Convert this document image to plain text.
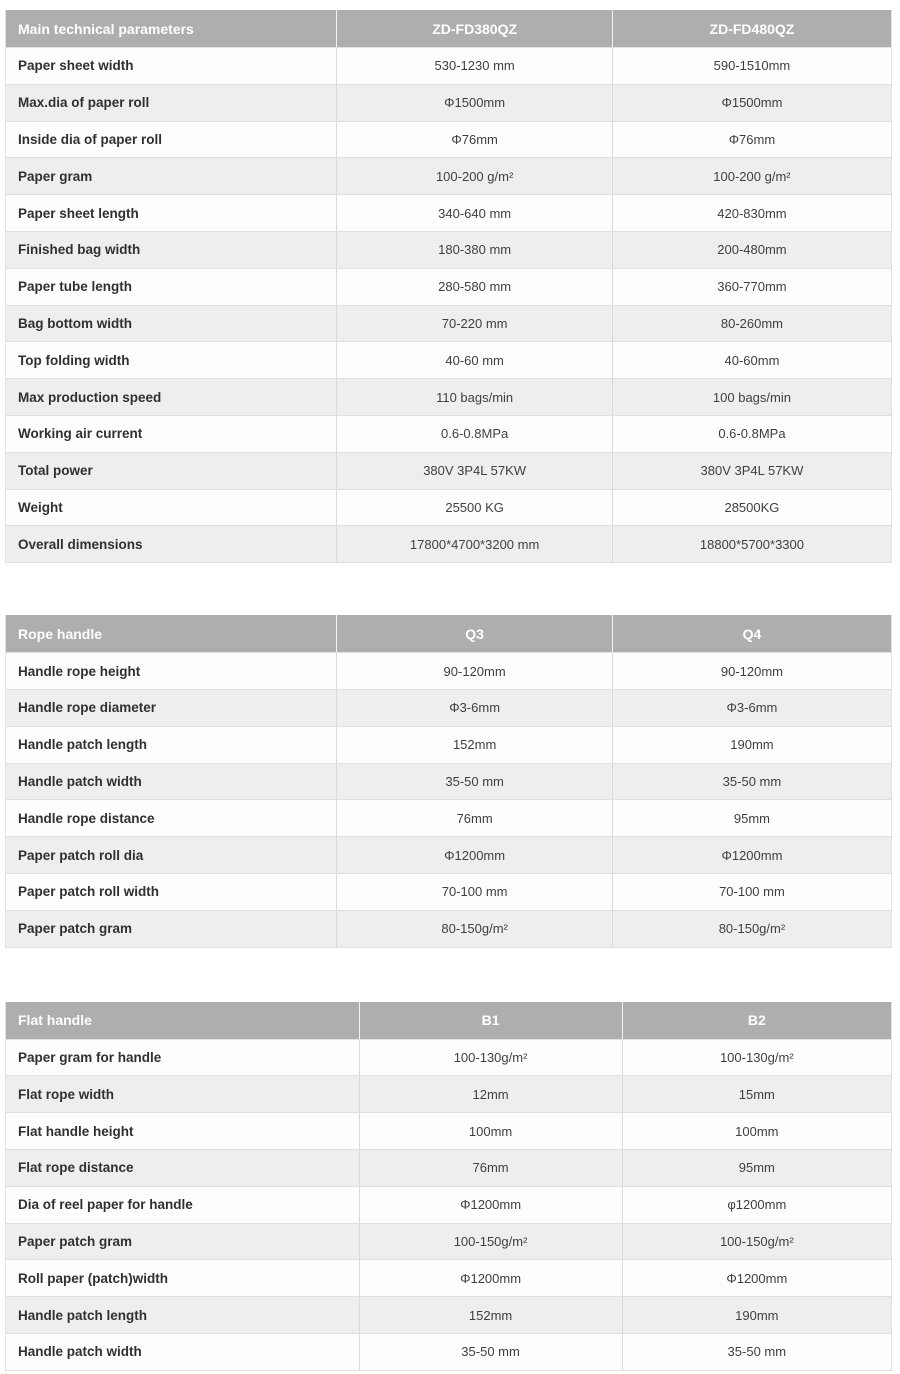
Main technical parameters	ZD-FD380QZ	ZD-FD480QZ
Paper sheet width	530-1230 mm	590-1510mm
Max.dia of paper roll	Φ1500mm	Φ1500mm
Inside dia of paper roll	Φ76mm	Φ76mm
Paper gram	100-200 g/m²	100-200 g/m²
Paper sheet length	340-640 mm	420-830mm
Finished bag width	180-380 mm	200-480mm
Paper tube length	280-580 mm	360-770mm
Bag bottom width	70-220 mm	80-260mm
Top folding width	40-60 mm	40-60mm
Max production speed	110 bags/min	100 bags/min
Working air current	0.6-0.8MPa	0.6-0.8MPa
Total power	380V 3P4L 57KW	380V 3P4L 57KW
Weight	25500 KG	28500KG
Overall dimensions	17800*4700*3200 mm	18800*5700*3300
Rope handle	Q3	Q4
Handle rope height	90-120mm	90-120mm
Handle rope diameter	Φ3-6mm	Φ3-6mm
Handle patch length	152mm	190mm
Handle patch width	35-50 mm	35-50 mm
Handle rope distance	76mm	95mm
Paper patch roll dia	Φ1200mm	Φ1200mm
Paper patch roll width	70-100 mm	70-100 mm
Paper patch gram	80-150g/m²	80-150g/m²
Flat handle	B1	B2
Paper gram for handle	100-130g/m²	100-130g/m²
Flat rope width	12mm	15mm
Flat handle height	100mm	100mm
Flat rope distance	76mm	95mm
Dia of reel paper for handle	Φ1200mm	φ1200mm
Paper patch gram	100-150g/m²	100-150g/m²
Roll paper (patch)width	Φ1200mm	Φ1200mm
Handle patch length	152mm	190mm
Handle patch width	35-50 mm	35-50 mm
